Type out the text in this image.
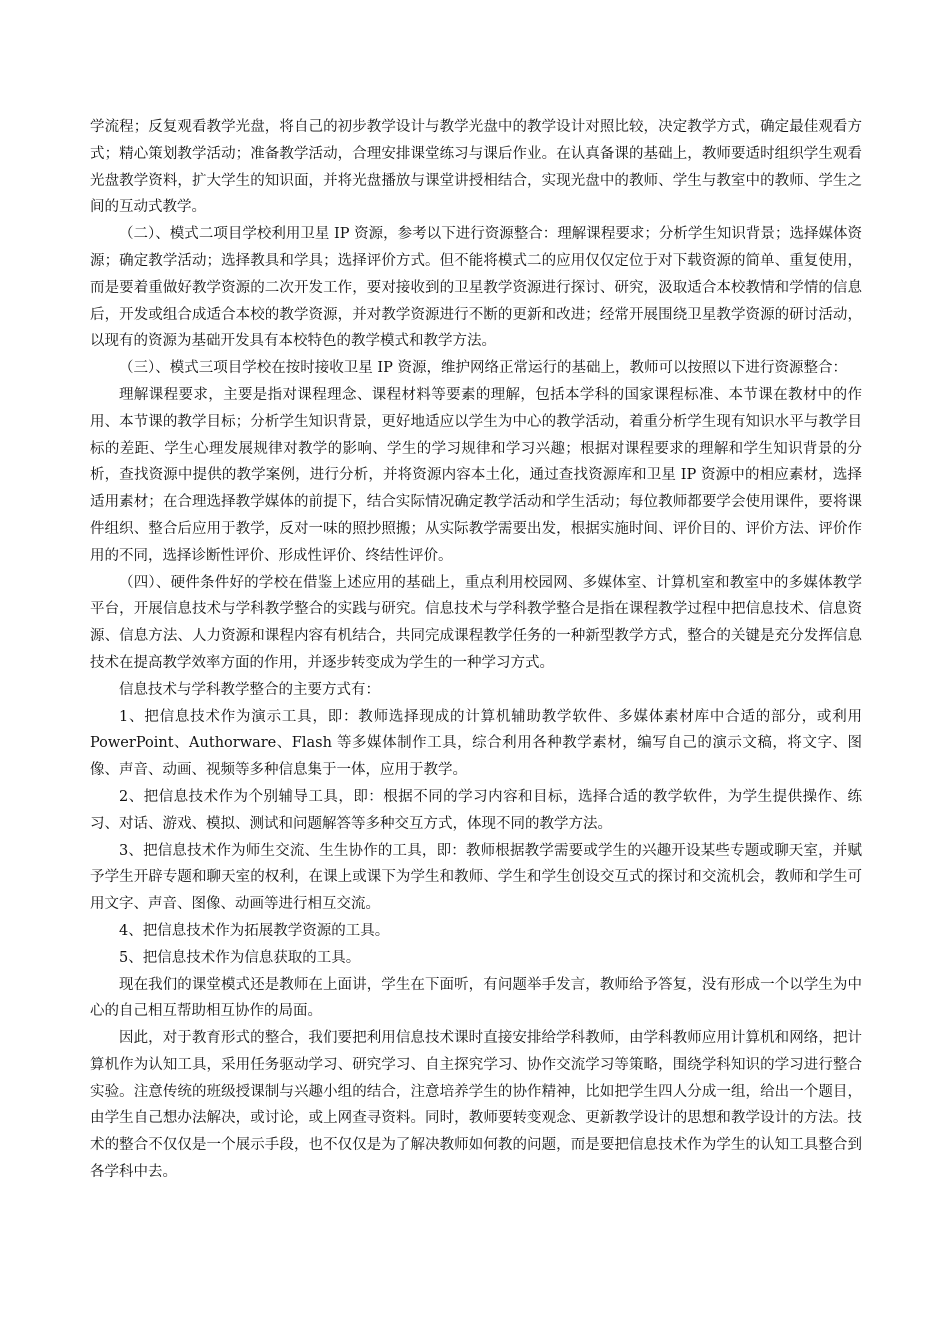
学流程；反复观看教学光盘，将自己的初步教学设计与教学光盘中的教学设计对照比较，决定教学方式，确定最佳观看方式；精心策划教学活动；准备教学活动，合理安排课堂练习与课后作业。在认真备课的基础上，教师要适时组织学生观看光盘教学资料，扩大学生的知识面，并将光盘播放与课堂讲授相结合，实现光盘中的教师、学生与教室中的教师、学生之间的互动式教学。

（二）、模式二项目学校利用卫星 IP 资源，参考以下进行资源整合：理解课程要求；分析学生知识背景；选择媒体资源；确定教学活动；选择教具和学具；选择评价方式。但不能将模式二的应用仅仅定位于对下载资源的简单、重复使用，而是要着重做好教学资源的二次开发工作，要对接收到的卫星教学资源进行探讨、研究，汲取适合本校教情和学情的信息后，开发或组合成适合本校的教学资源，并对教学资源进行不断的更新和改进；经常开展围绕卫星教学资源的研讨活动，以现有的资源为基础开发具有本校特色的教学模式和教学方法。

（三）、模式三项目学校在按时接收卫星 IP 资源，维护网络正常运行的基础上，教师可以按照以下进行资源整合：

理解课程要求，主要是指对课程理念、课程材料等要素的理解，包括本学科的国家课程标准、本节课在教材中的作用、本节课的教学目标；分析学生知识背景，更好地适应以学生为中心的教学活动，着重分析学生现有知识水平与教学目标的差距、学生心理发展规律对教学的影响、学生的学习规律和学习兴趣；根据对课程要求的理解和学生知识背景的分析，查找资源中提供的教学案例，进行分析，并将资源内容本土化，通过查找资源库和卫星 IP 资源中的相应素材，选择适用素材；在合理选择教学媒体的前提下，结合实际情况确定教学活动和学生活动；每位教师都要学会使用课件，要将课件组织、整合后应用于教学，反对一味的照抄照搬；从实际教学需要出发，根据实施时间、评价目的、评价方法、评价作用的不同，选择诊断性评价、形成性评价、终结性评价。

（四）、硬件条件好的学校在借鉴上述应用的基础上，重点利用校园网、多媒体室、计算机室和教室中的多媒体教学平台，开展信息技术与学科教学整合的实践与研究。信息技术与学科教学整合是指在课程教学过程中把信息技术、信息资源、信息方法、人力资源和课程内容有机结合，共同完成课程教学任务的一种新型教学方式，整合的关键是充分发挥信息技术在提高教学效率方面的作用，并逐步转变成为学生的一种学习方式。

信息技术与学科教学整合的主要方式有：

1、把信息技术作为演示工具，即：教师选择现成的计算机辅助教学软件、多媒体素材库中合适的部分，或利用 PowerPoint、Authorware、Flash 等多媒体制作工具，综合利用各种教学素材，编写自己的演示文稿，将文字、图像、声音、动画、视频等多种信息集于一体，应用于教学。

2、把信息技术作为个别辅导工具，即：根据不同的学习内容和目标，选择合适的教学软件，为学生提供操作、练习、对话、游戏、模拟、测试和问题解答等多种交互方式，体现不同的教学方法。

3、把信息技术作为师生交流、生生协作的工具，即：教师根据教学需要或学生的兴趣开设某些专题或聊天室，并赋予学生开辟专题和聊天室的权利，在课上或课下为学生和教师、学生和学生创设交互式的探讨和交流机会，教师和学生可用文字、声音、图像、动画等进行相互交流。

4、把信息技术作为拓展教学资源的工具。

5、把信息技术作为信息获取的工具。

现在我们的课堂模式还是教师在上面讲，学生在下面听，有问题举手发言，教师给予答复，没有形成一个以学生为中心的自己相互帮助相互协作的局面。

因此，对于教育形式的整合，我们要把利用信息技术课时直接安排给学科教师，由学科教师应用计算机和网络，把计算机作为认知工具，采用任务驱动学习、研究学习、自主探究学习、协作交流学习等策略，围绕学科知识的学习进行整合实验。注意传统的班级授课制与兴趣小组的结合，注意培养学生的协作精神，比如把学生四人分成一组，给出一个题目，由学生自己想办法解决，或讨论，或上网查寻资料。同时，教师要转变观念、更新教学设计的思想和教学设计的方法。技术的整合不仅仅是一个展示手段，也不仅仅是为了解决教师如何教的问题，而是要把信息技术作为学生的认知工具整合到各学科中去。
